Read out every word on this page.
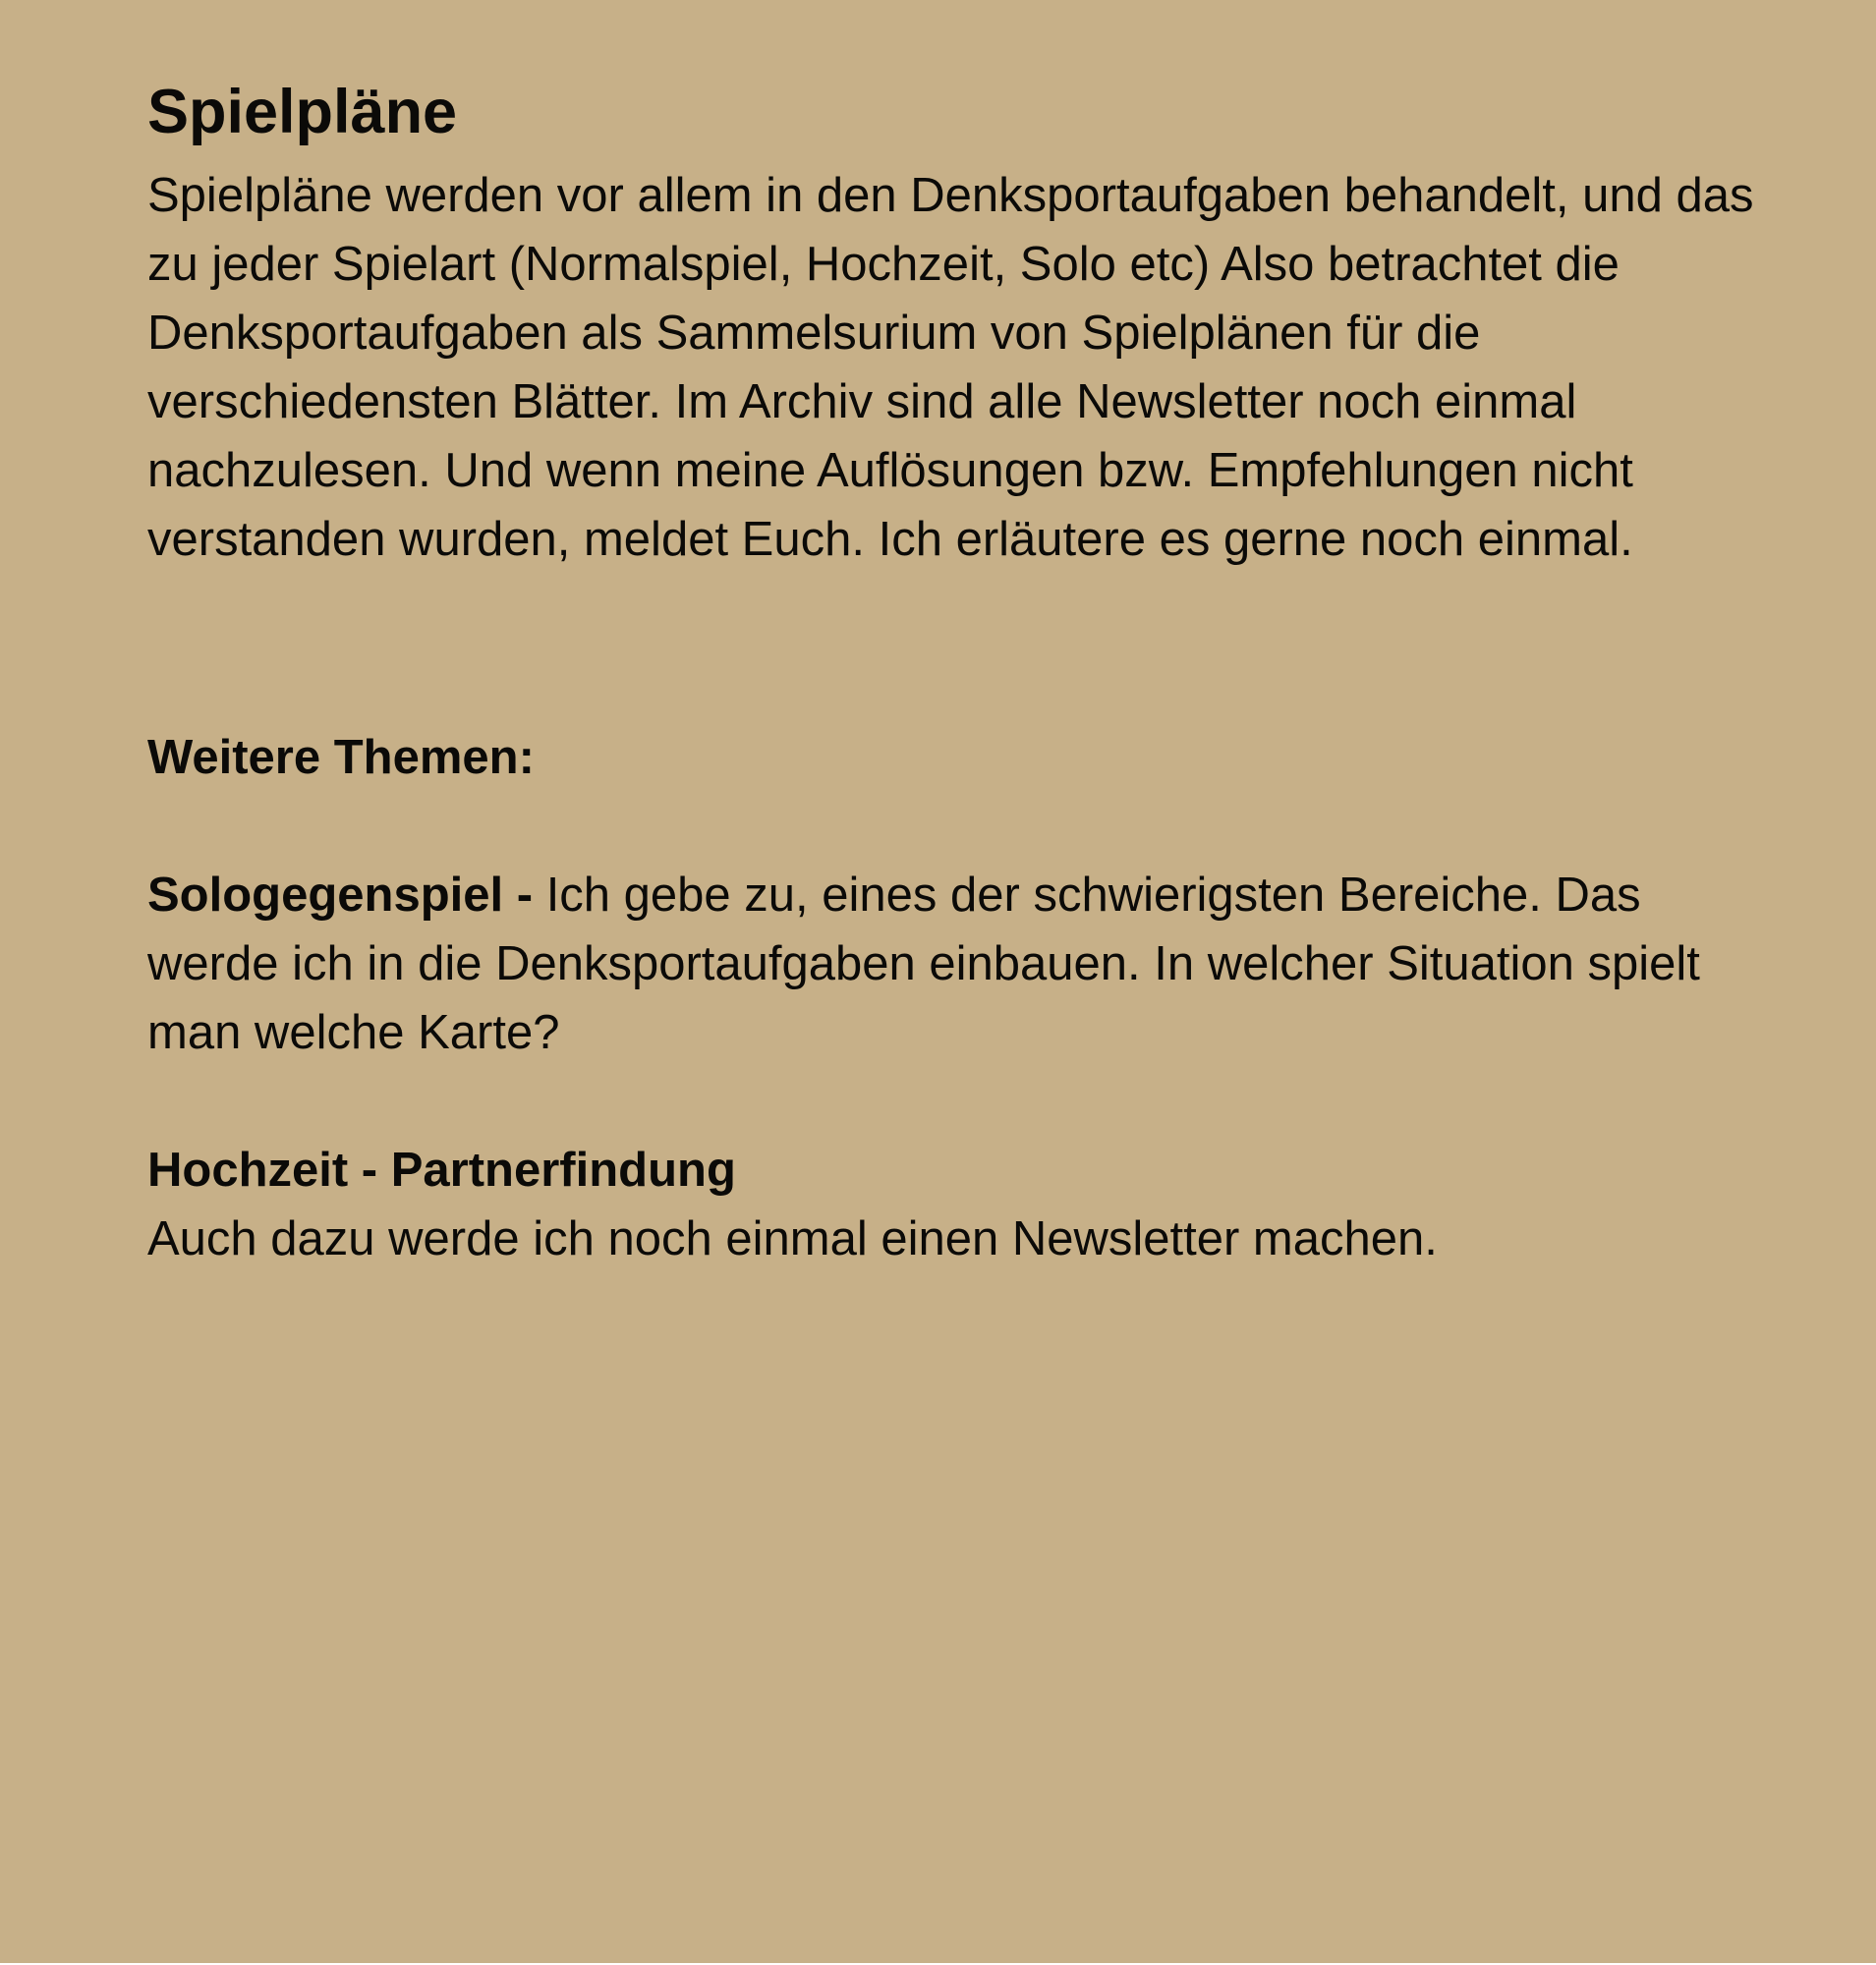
Spielpläne

Spielpläne werden vor allem in den Denksportaufgaben behandelt, und das zu jeder Spielart (Normalspiel, Hochzeit, Solo etc) Also betrachtet die Denksportaufgaben als Sammelsurium von Spielplänen für die verschiedensten Blätter. Im Archiv sind alle Newsletter noch einmal nachzulesen. Und wenn meine Auflösungen bzw. Empfehlungen nicht verstanden wurden, meldet Euch. Ich erläutere es gerne noch einmal.

Weitere Themen:

Sologegenspiel - Ich gebe zu, eines der schwierigsten Bereiche. Das werde ich in die Denksportaufgaben einbauen. In welcher Situation spielt man welche Karte?

Hochzeit - Partnerfindung
Auch dazu werde ich noch einmal einen Newsletter machen.
